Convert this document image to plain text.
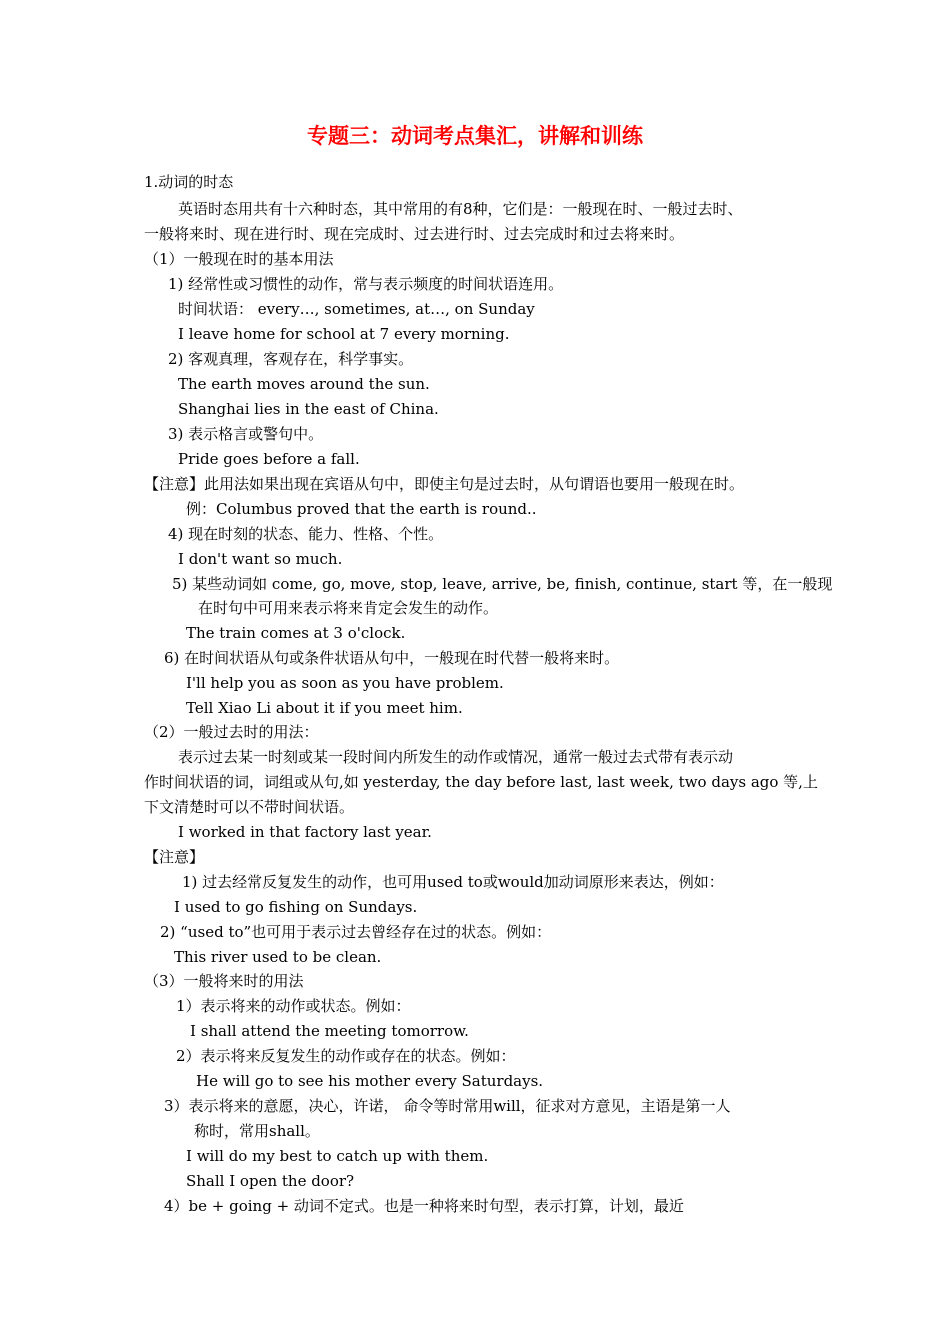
专题三：动词考点集汇，讲解和训练
1.动词的时态
英语时态用共有十六种时态，其中常用的有8种，它们是：一般现在时、一般过去时、
一般将来时、现在进行时、现在完成时、过去进行时、过去完成时和过去将来时。
（1）一般现在时的基本用法
1) 经常性或习惯性的动作，常与表示频度的时间状语连用。
时间状语： every…, sometimes, at…, on Sunday
I leave home for school at 7 every morning.
2) 客观真理，客观存在，科学事实。
The earth moves around the sun.
Shanghai lies in the east of China.
3) 表示格言或警句中。
Pride goes before a fall.
【注意】此用法如果出现在宾语从句中，即使主句是过去时，从句谓语也要用一般现在时。
例：Columbus proved that the earth is round..
4) 现在时刻的状态、能力、性格、个性。
I don't want so much.
5) 某些动词如 come, go, move, stop, leave, arrive, be, finish, continue, start 等，在一般现
在时句中可用来表示将来肯定会发生的动作。
The train comes at 3 o'clock.
6) 在时间状语从句或条件状语从句中，一般现在时代替一般将来时。
I'll help you as soon as you have problem.
Tell Xiao Li about it if you meet him.
（2）一般过去时的用法：
表示过去某一时刻或某一段时间内所发生的动作或情况，通常一般过去式带有表示动
作时间状语的词，词组或从句,如 yesterday, the day before last, last week, two days ago 等,上
下文清楚时可以不带时间状语。
I worked in that factory last year.
【注意】
1) 过去经常反复发生的动作，也可用used to或would加动词原形来表达，例如：
I used to go fishing on Sundays.
2) “used to”也可用于表示过去曾经存在过的状态。例如：
This river used to be clean.
（3）一般将来时的用法
1）表示将来的动作或状态。例如：
I shall attend the meeting tomorrow.
2）表示将来反复发生的动作或存在的状态。例如：
He will go to see his mother every Saturdays.
3）表示将来的意愿，决心，许诺， 命令等时常用will，征求对方意见，主语是第一人
称时，常用shall。
I will do my best to catch up with them.
Shall I open the door?
4）be + going + 动词不定式。也是一种将来时句型，表示打算，计划，最近
